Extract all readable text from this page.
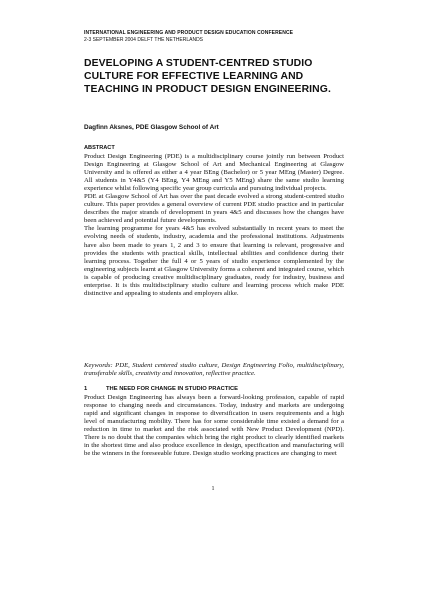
INTERNATIONAL ENGINEERING AND PRODUCT DESIGN EDUCATION CONFERENCE
2-3 SEPTEMBER 2004 DELFT THE NETHERLANDS
DEVELOPING A STUDENT-CENTRED STUDIO CULTURE FOR EFFECTIVE LEARNING AND TEACHING IN PRODUCT DESIGN ENGINEERING.
Dagfinn Aksnes, PDE Glasgow School of Art
ABSTRACT

Product Design Engineering (PDE) is a multidisciplinary course jointly run between Product Design Engineering at Glasgow School of Art and Mechanical Engineering at Glasgow University and is offered as either a 4 year BEng (Bachelor) or 5 year MEng (Master) Degree. All students in Y4&5 (Y4 BEng, Y4 MEng and Y5 MEng) share the same studio learning experience whilst following specific year group curricula and pursuing individual projects.

PDE at Glasgow School of Art has over the past decade evolved a strong student-centred studio culture. This paper provides a general overview of current PDE studio practice and in particular describes the major strands of development in years 4&5 and discusses how the changes have been achieved and potential future developments.

The learning programme for years 4&5 has evolved substantially in recent years to meet the evolving needs of students, industry, academia and the professional institutions. Adjustments have also been made to years 1, 2 and 3 to ensure that learning is relevant, progressive and provides the students with practical skills, intellectual abilities and confidence during their learning process. Together the full 4 or 5 years of studio experience complemented by the engineering subjects learnt at Glasgow University forms a coherent and integrated course, which is capable of producing creative multidisciplinary graduates, ready for industry, business and enterprise. It is this multidisciplinary studio culture and learning process which make PDE distinctive and appealing to students and employers alike.

Keywords: PDE, Student centered studio culture, Design Engineering Folio, multidisciplinary, transferable skills, creativity and innovation, reflective practice.

1	THE NEED FOR CHANGE IN STUDIO PRACTICE

Product Design Engineering has always been a forward-looking profession, capable of rapid response to changing needs and circumstances. Today, industry and markets are undergoing rapid and significant changes in response to diversification in users requirements and a high level of manufacturing mobility. There has for some considerable time existed a demand for a reduction in time to market and the risk associated with New Product Development (NPD). There is no doubt that the companies which bring the right product to clearly identified markets in the shortest time and also produce excellence in design, specification and manufacturing will be the winners in the foreseeable future. Design studio working practices are changing to meet

1
